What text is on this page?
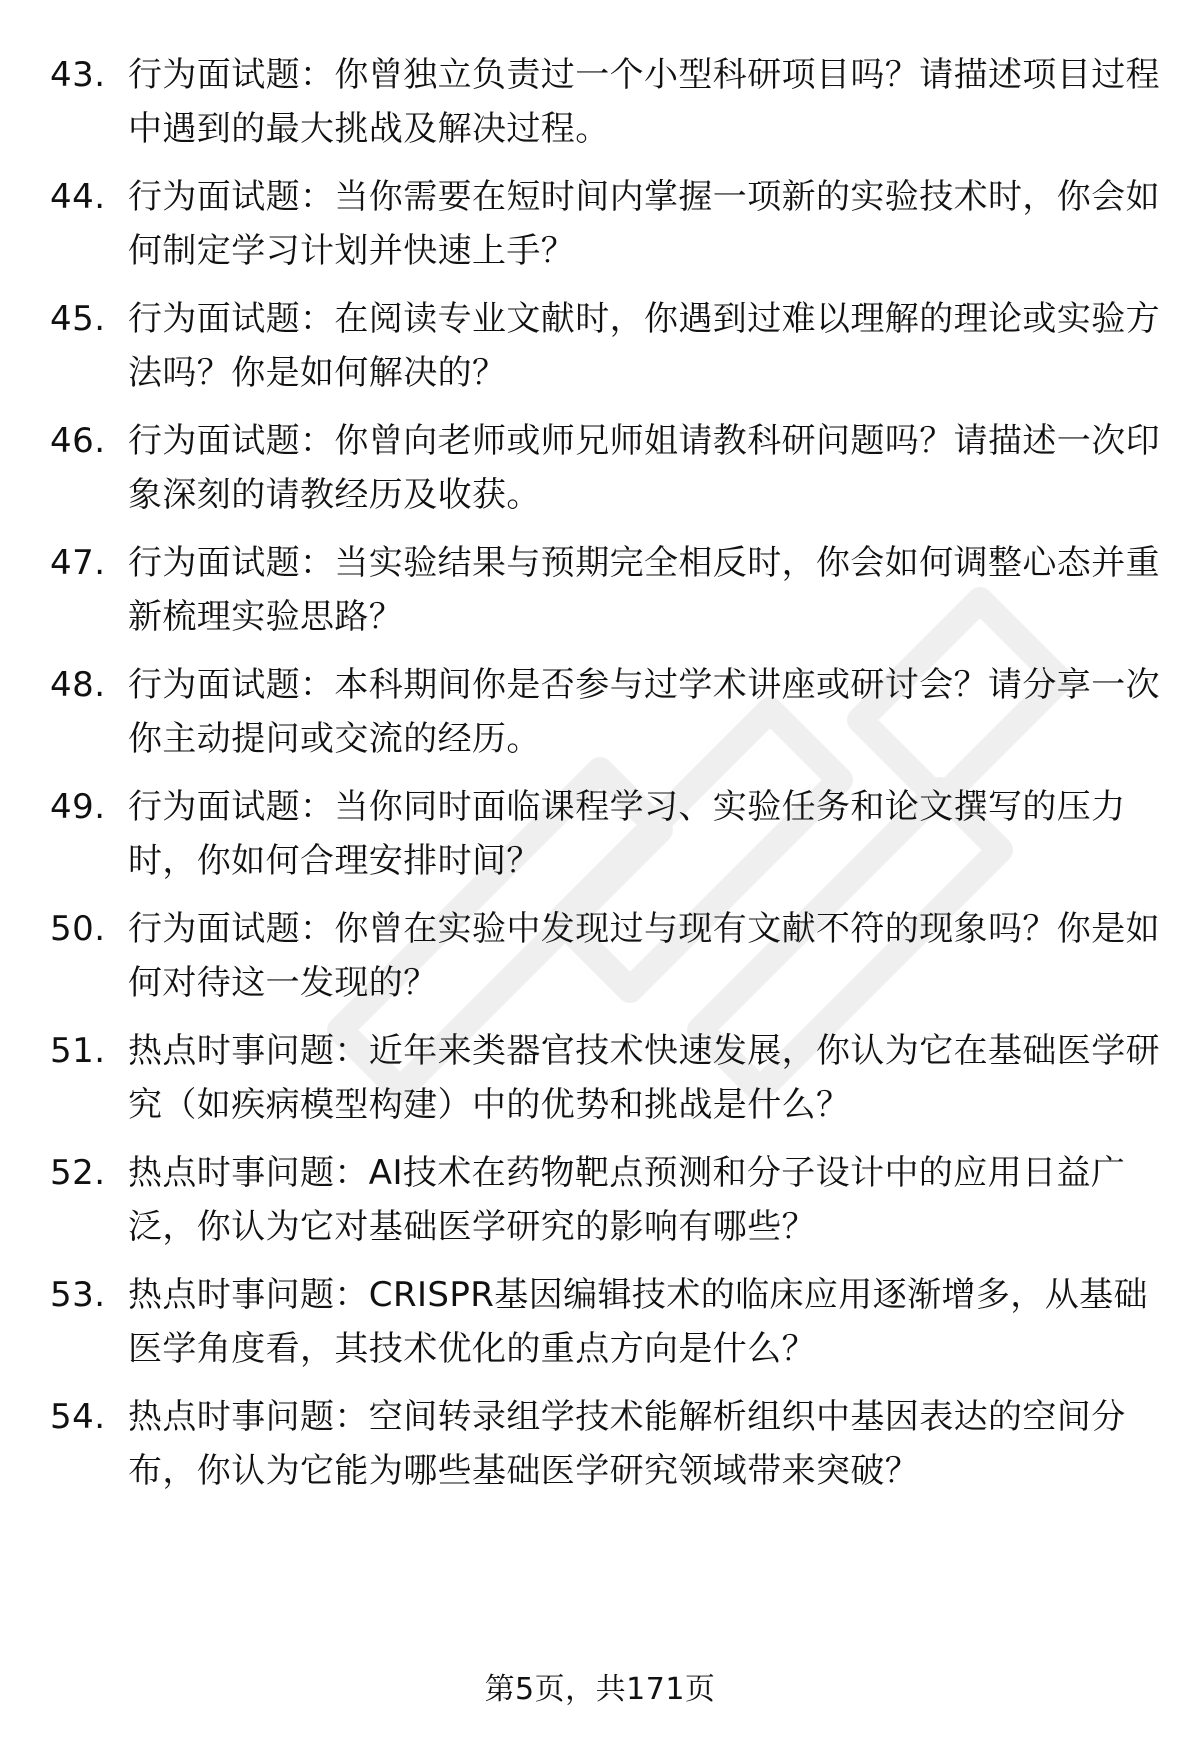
43. 行为面试题：你曾独立负责过一个小型科研项目吗？请描述项目过程中遇到的最大挑战及解决过程。
44. 行为面试题：当你需要在短时间内掌握一项新的实验技术时，你会如何制定学习计划并快速上手？
45. 行为面试题：在阅读专业文献时，你遇到过难以理解的理论或实验方法吗？你是如何解决的？
46. 行为面试题：你曾向老师或师兄师姐请教科研问题吗？请描述一次印象深刻的请教经历及收获。
47. 行为面试题：当实验结果与预期完全相反时，你会如何调整心态并重新梳理实验思路？
48. 行为面试题：本科期间你是否参与过学术讲座或研讨会？请分享一次你主动提问或交流的经历。
49. 行为面试题：当你同时面临课程学习、实验任务和论文撰写的压力时，你如何合理安排时间？
50. 行为面试题：你曾在实验中发现过与现有文献不符的现象吗？你是如何对待这一发现的？
51. 热点时事问题：近年来类器官技术快速发展，你认为它在基础医学研究（如疾病模型构建）中的优势和挑战是什么？
52. 热点时事问题：AI技术在药物靶点预测和分子设计中的应用日益广泛，你认为它对基础医学研究的影响有哪些？
53. 热点时事问题：CRISPR基因编辑技术的临床应用逐渐增多，从基础医学角度看，其技术优化的重点方向是什么？
54. 热点时事问题：空间转录组学技术能解析组织中基因表达的空间分布，你认为它能为哪些基础医学研究领域带来突破？
第5页，共171页
